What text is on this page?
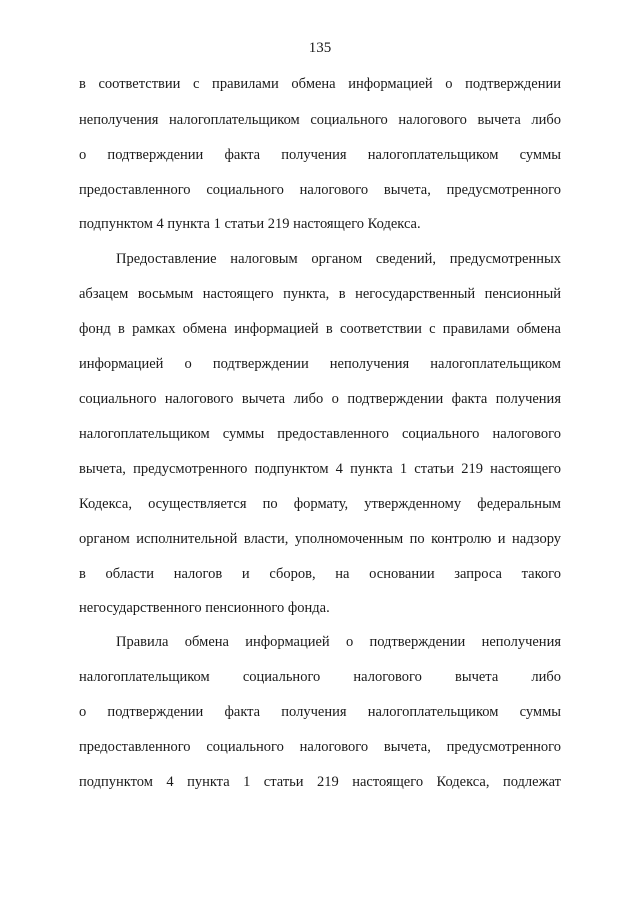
135
в соответствии с правилами обмена информацией о подтверждении
неполучения налогоплательщиком социального налогового вычета либо
о подтверждении факта получения налогоплательщиком суммы
предоставленного социального налогового вычета, предусмотренного
подпунктом 4 пункта 1 статьи 219 настоящего Кодекса.
Предоставление налоговым органом сведений, предусмотренных
абзацем восьмым настоящего пункта, в негосударственный пенсионный
фонд в рамках обмена информацией в соответствии с правилами обмена
информацией о подтверждении неполучения налогоплательщиком
социального налогового вычета либо о подтверждении факта получения
налогоплательщиком суммы предоставленного социального налогового
вычета, предусмотренного подпунктом 4 пункта 1 статьи 219 настоящего
Кодекса, осуществляется по формату, утвержденному федеральным
органом исполнительной власти, уполномоченным по контролю и надзору
в области налогов и сборов, на основании запроса такого
негосударственного пенсионного фонда.
Правила обмена информацией о подтверждении неполучения
налогоплательщиком социального налогового вычета либо
о подтверждении факта получения налогоплательщиком суммы
предоставленного социального налогового вычета, предусмотренного
подпунктом 4 пункта 1 статьи 219 настоящего Кодекса, подлежат
